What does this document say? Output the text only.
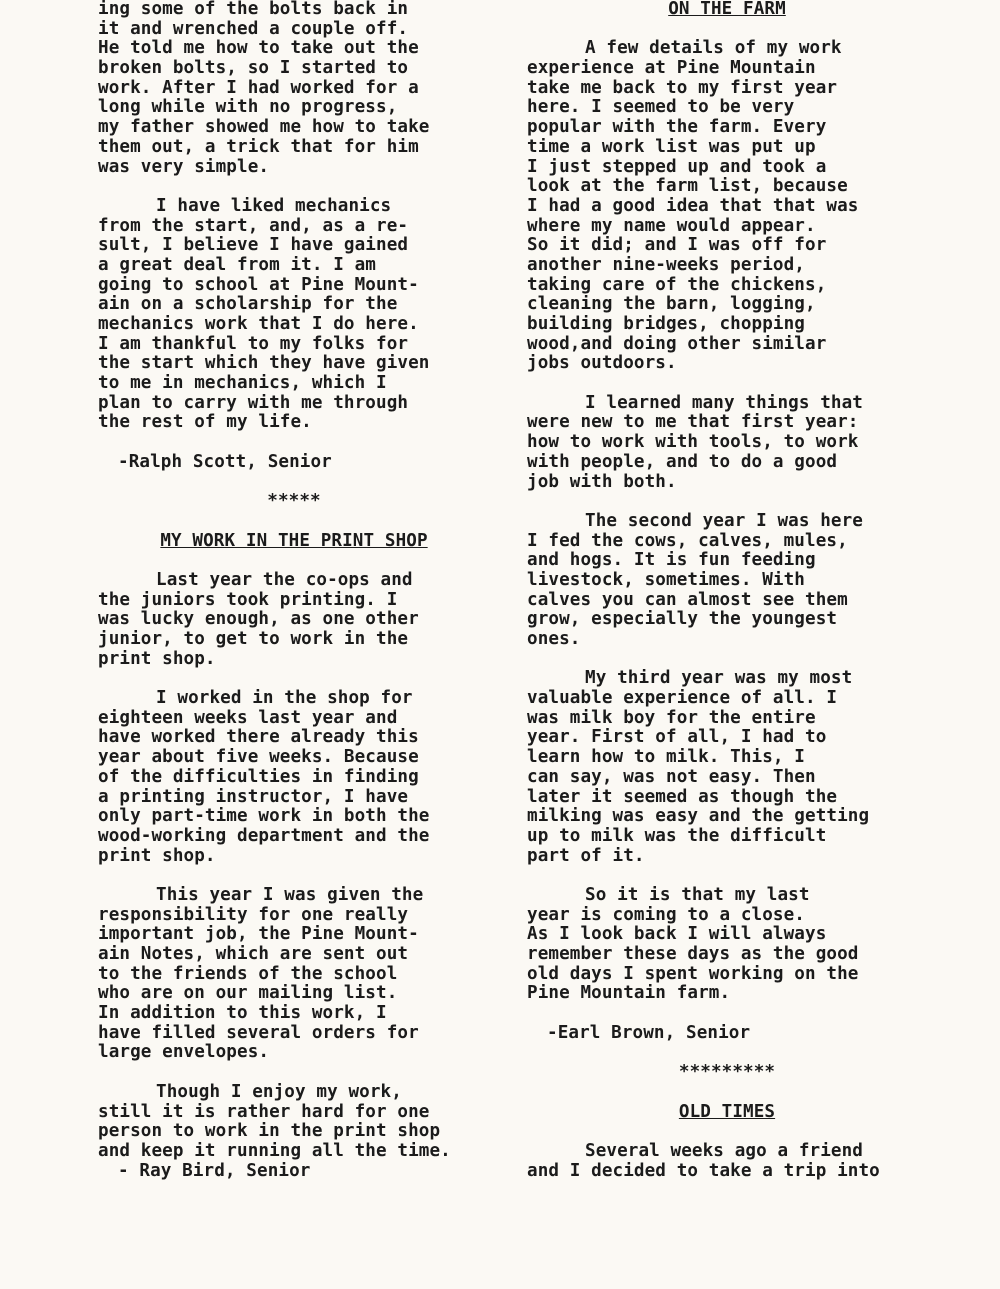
ing some of the bolts back in
it and wrenched a couple off.
He told me how to take out the
broken bolts, so I started to
work. After I had worked for a
long while with no progress,
my father showed me how to take
them out, a trick that for him
was very simple.
I have liked mechanics
from the start, and, as a re-
sult, I believe I have gained
a great deal from it. I am
going to school at Pine Mount-
ain on a scholarship for the
mechanics work that I do here.
I am thankful to my folks for
the start which they have given
to me in mechanics, which I
plan to carry with me through
the rest of my life.
-Ralph Scott, Senior
*****
MY WORK IN THE PRINT SHOP
Last year the co-ops and
the juniors took printing. I
was lucky enough, as one other
junior, to get to work in the
print shop.
I worked in the shop for
eighteen weeks last year and
have worked there already this
year about five weeks. Because
of the difficulties in finding
a printing instructor, I have
only part-time work in both the
wood-working department and the
print shop.
This year I was given the
responsibility for one really
important job, the Pine Mount-
ain Notes, which are sent out
to the friends of the school
who are on our mailing list.
In addition to this work, I
have filled several orders for
large envelopes.
Though I enjoy my work,
still it is rather hard for one
person to work in the print shop
and keep it running all the time.
- Ray Bird, Senior
ON THE FARM
A few details of my work
experience at Pine Mountain
take me back to my first year
here. I seemed to be very
popular with the farm. Every
time a work list was put up
I just stepped up and took a
look at the farm list, because
I had a good idea that that was
where my name would appear.
So it did; and I was off for
another nine-weeks period,
taking care of the chickens,
cleaning the barn, logging,
building bridges, chopping
wood,and doing other similar
jobs outdoors.
I learned many things that
were new to me that first year:
how to work with tools, to work
with people, and to do a good
job with both.
The second year I was here
I fed the cows, calves, mules,
and hogs. It is fun feeding
livestock, sometimes. With
calves you can almost see them
grow, especially the youngest
ones.
My third year was my most
valuable experience of all. I
was milk boy for the entire
year. First of all, I had to
learn how to milk. This, I
can say, was not easy. Then
later it seemed as though the
milking was easy and the getting
up to milk was the difficult
part of it.
So it is that my last
year is coming to a close.
As I look back I will always
remember these days as the good
old days I spent working on the
Pine Mountain farm.
-Earl Brown, Senior
*********
OLD TIMES
Several weeks ago a friend
and I decided to take a trip into
